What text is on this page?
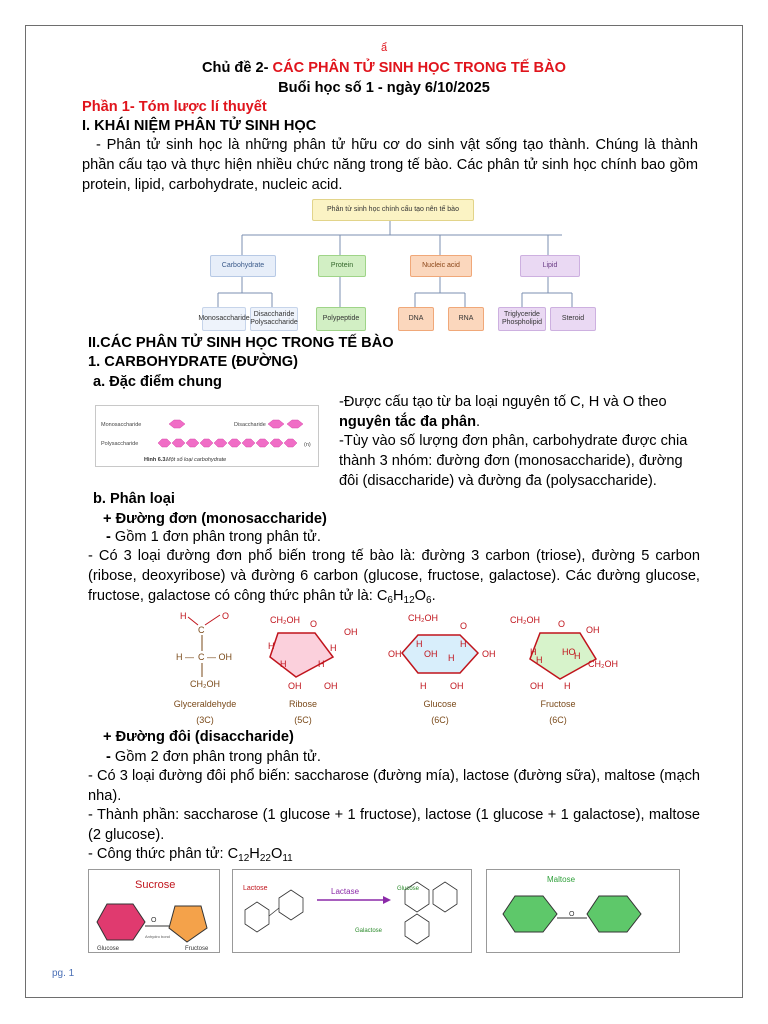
ẩ
Chủ đề 2- CÁC PHÂN TỬ SINH HỌC TRONG TẾ BÀO
Buổi học số 1 - ngày 6/10/2025
Phần 1- Tóm lược lí thuyết
I. KHÁI NIỆM PHÂN TỬ SINH HỌC
- Phân tử sinh học là những phân tử hữu cơ do sinh vật sống tạo thành. Chúng là thành phần cấu tạo và thực hiện nhiều chức năng trong tế bào. Các phân tử sinh học chính bao gồm protein, lipid, carbohydrate, nucleic acid.
Phân tử sinh học chính cấu tạo nên tế bào
Carbohydrate	Protein	Nucleic acid	Lipid
Monosaccharide
Disaccharide Polysaccharide
Polypeptide	DNA	RNA
Triglyceride Phospholipid
Steroid
II.CÁC PHÂN TỬ SINH HỌC TRONG TẾ BÀO
1. CARBOHYDRATE (ĐƯỜNG)
a. Đặc điểm chung
Monosaccharide	Disaccharide
Polysaccharide	(n)
Hình 6.3. Một số loại carbohydrate
-Được cấu tạo từ ba loại nguyên tố C, H và O theo nguyên tắc đa phân.
-Tùy vào số lượng đơn phân, carbohydrate được chia thành 3 nhóm: đường đơn (monosaccharide), đường đôi (disaccharide) và đường đa (polysaccharide).
b. Phân loại
+ Đường đơn (monosaccharide)
- Gồm 1 đơn phân trong phân tử.
- Có 3 loại đường đơn phổ biến trong tế bào là: đường 3 carbon (triose), đường 5 carbon (ribose, deoxyribose) và đường 6 carbon (glucose, fructose, galactose). Các đường glucose, fructose, galactose có công thức phân tử là: $C_6H_{12}O_6$.
H	O
C
H — C — OH
CH₂OH
CH₂OH O
OH
H	H
H	H
OH	OH
CH₂OH
O
H	H
OH H
OH	OH
H	OH
CH₂OH O
OH
H
H
HO
H
CH₂OH
OH H
Glyceraldehyde
(3C)
Ribose
(5C)
Glucose
(6C)
Fructose
(6C)
+ Đường đôi (disaccharide)
- Gồm 2 đơn phân trong phân tử.
- Có 3 loại đường đôi phổ biến: saccharose (đường mía), lactose (đường sữa), maltose (mạch nha).
- Thành phần: saccharose (1 glucose + 1 fructose), lactose (1 glucose + 1 galactose), maltose (2 glucose).
- Công thức phân tử: $C_{12}H_{22}O_{11}$
Sucrose
O
Anhydro bond
Glucose	Fructose
Lactose	Lactase	Glucose
Galactose
Maltose
O
pg. 1
